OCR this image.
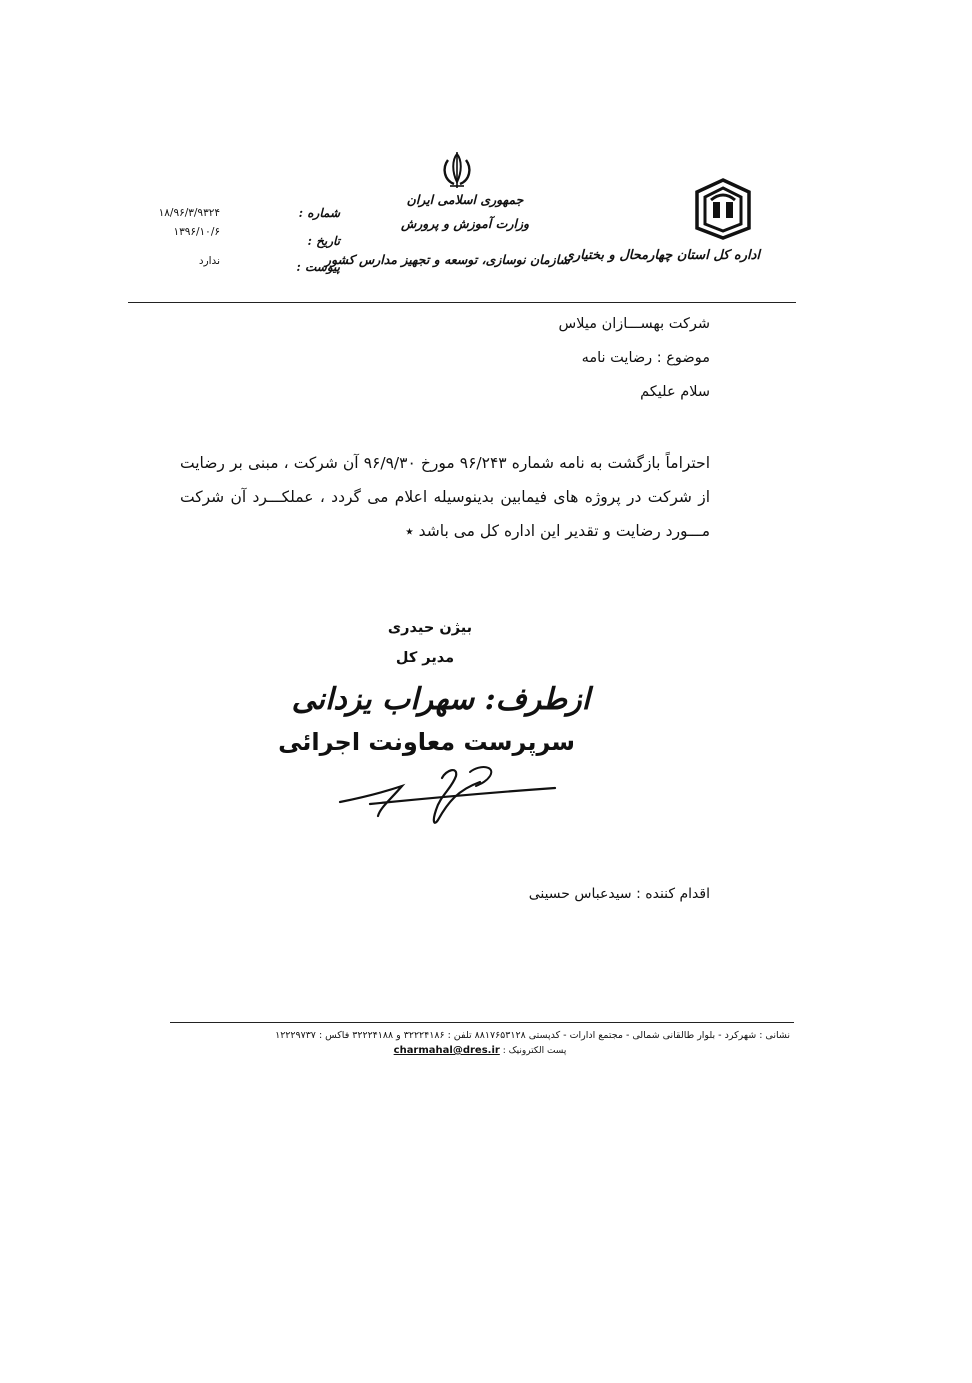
جمهوری اسلامی ایران
وزارت آموزش و پرورش
سازمان نوسازی، توسعه و تجهیز مدارس کشور
اداره کل استان چهارمحال و بختیاری
شماره :
تاریخ :
پیوست :
۱۸/۹۶/۳/۹۳۲۴
۱۳۹۶/۱۰/۶
ندارد
شرکت بهســـازان میلاس
موضوع : رضایت نامه
سلام علیکم
احتراماً بازگشت به نامه شماره ۹۶/۲۴۳ مورخ ۹۶/۹/۳۰ آن شرکت ، مبنی بر رضایت از شرکت در پروژه های فیمابین بدینوسیله اعلام می گردد ، عملکـــرد آن شرکت مـــورد رضایت و تقدیر این اداره کل می باشد ٭
بیژن حیدری
مدیر کل
ازطرف: سهراب یزدانی
سرپرست معاونت اجرائی
اقدام کننده : سیدعباس حسینی
نشانی : شهرکرد - بلوار طالقانی شمالی - مجتمع ادارات - کدپستی ۸۸۱۷۶۵۳۱۲۸ تلفن : ۳۲۲۲۴۱۸۶ و ۳۲۲۲۴۱۸۸ فاکس : ۱۲۲۲۹۷۳۷
پست الکترونیک : charmahal@dres.ir
